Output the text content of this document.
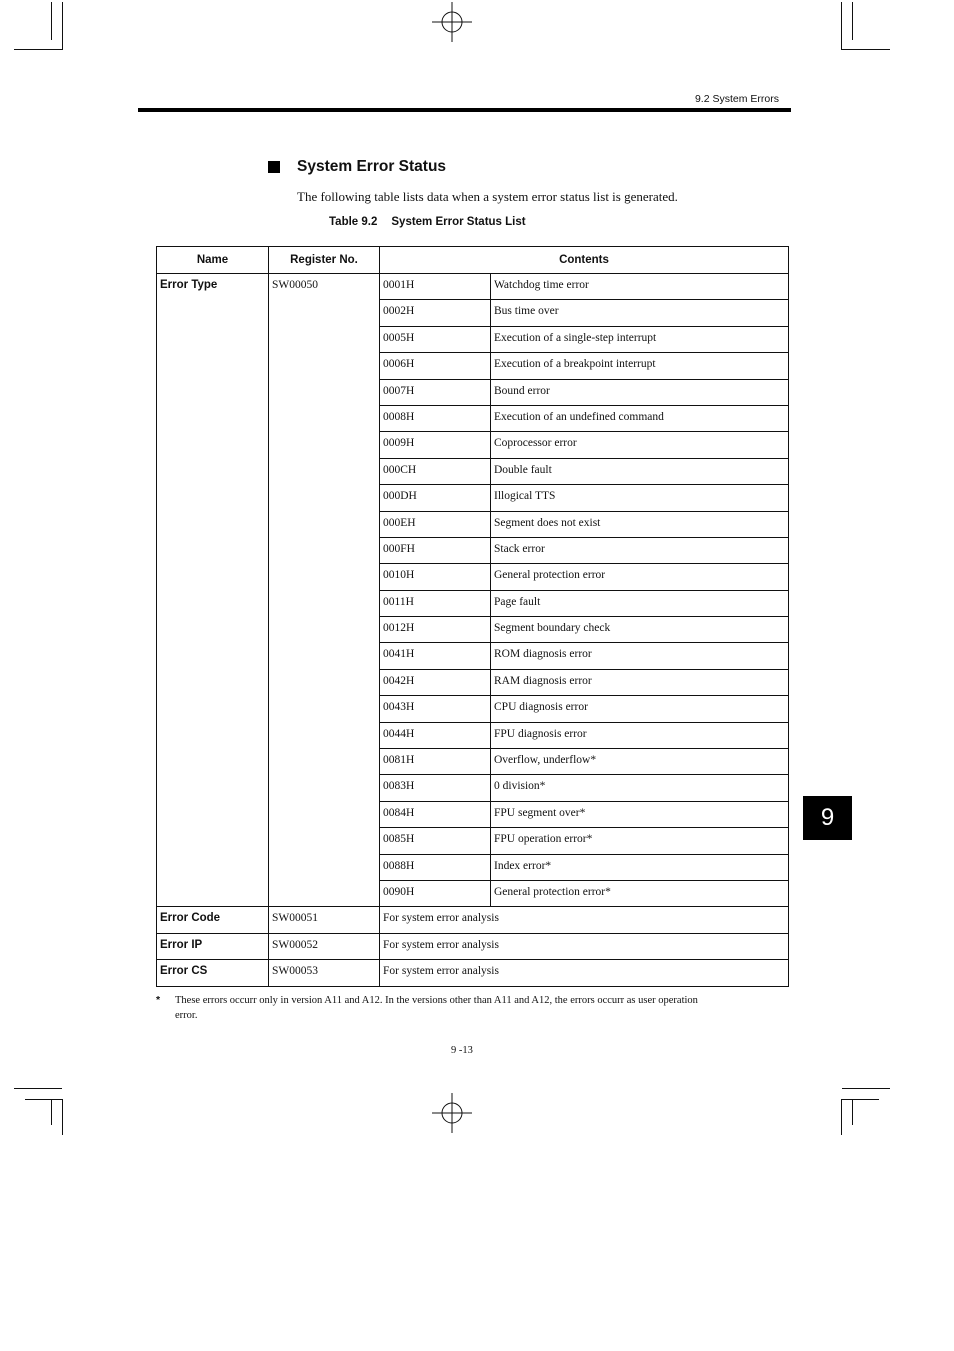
9.2 System Errors
System Error Status
The following table lists data when a system error status list is generated.
Table 9.2 System Error Status List
Name	Register No.	Contents	

Error Type	SW00050	0001H	Watchdog time error

		0002H	Bus time over

		0005H	Execution of a single-step interrupt

		0006H	Execution of a breakpoint interrupt

		0007H	Bound error

		0008H	Execution of an undefined command

		0009H	Coprocessor error

		000CH	Double fault

		000DH	Illogical TTS

		000EH	Segment does not exist

		000FH	Stack error

		0010H	General protection error

		0011H	Page fault

		0012H	Segment boundary check

		0041H	ROM diagnosis error

		0042H	RAM diagnosis error

		0043H	CPU diagnosis error

		0044H	FPU diagnosis error

		0081H	Overflow, underflow*

		0083H	0 division*

		0084H	FPU segment over*

		0085H	FPU operation error*

		0088H	Index error*

		0090H	General protection error*

Error Code	SW00051	For system error analysis	

Error IP	SW00052	For system error analysis	

Error CS	SW00053	For system error analysis	
* These errors occurr only in version A11 and A12. In the versions other than A11 and A12, the errors occurr as user operation error.
9 -13
9
